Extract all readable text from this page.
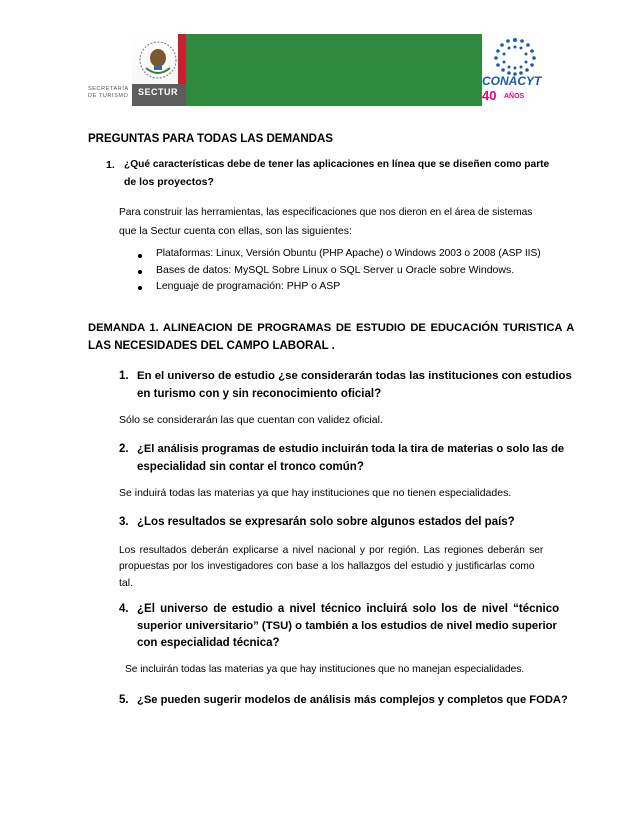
SECRETARÍA
DE TURISMO SECTUR
CONACYT
40 AÑOS
PREGUNTAS PARA TODAS LAS DEMANDAS
1. ¿Qué características debe de tener las aplicaciones en línea que se diseñen como parte
de los proyectos?
Para construir las herramientas, las especificaciones que nos dieron en el área de sistemas
que la Sectur cuenta con ellas, son las siguientes:
Plataformas: Linux, Versión Obuntu (PHP Apache) o Windows 2003 o 2008 (ASP IIS)
Bases de datos: MySQL Sobre Linux o SQL Server u Oracle sobre Windows.
Lenguaje de programación: PHP o ASP
DEMANDA 1. ALINEACION DE PROGRAMAS DE ESTUDIO DE EDUCACIÓN TURISTICA A
LAS NECESIDADES DEL CAMPO LABORAL .
1. En el universo de estudio ¿se considerarán todas las instituciones con estudios
en turismo con y sin reconocimiento oficial?
Sólo se considerarán las que cuentan con validez oficial.
2. ¿El análisis programas de estudio incluirán toda la tira de materias o solo las de
especialidad sin contar el tronco común?
Se induirá todas las materias ya que hay instituciones que no tienen especialidades.
3. ¿Los resultados se expresarán solo sobre algunos estados del país?
Los resultados deberán explicarse a nivel nacional y por región. Las regiones deberán ser
propuestas por los investigadores con base a los hallazgos del estudio y justificarlas como
tal.
4. ¿El universo de estudio a nivel técnico incluirá solo los de nivel “técnico
superior universitario” (TSU) o también a los estudios de nivel medio superior
con especialidad técnica?
Se incluirán todas las materias ya que hay instituciones que no manejan especialidades.
5. ¿Se pueden sugerir modelos de análisis más complejos y completos que FODA?
